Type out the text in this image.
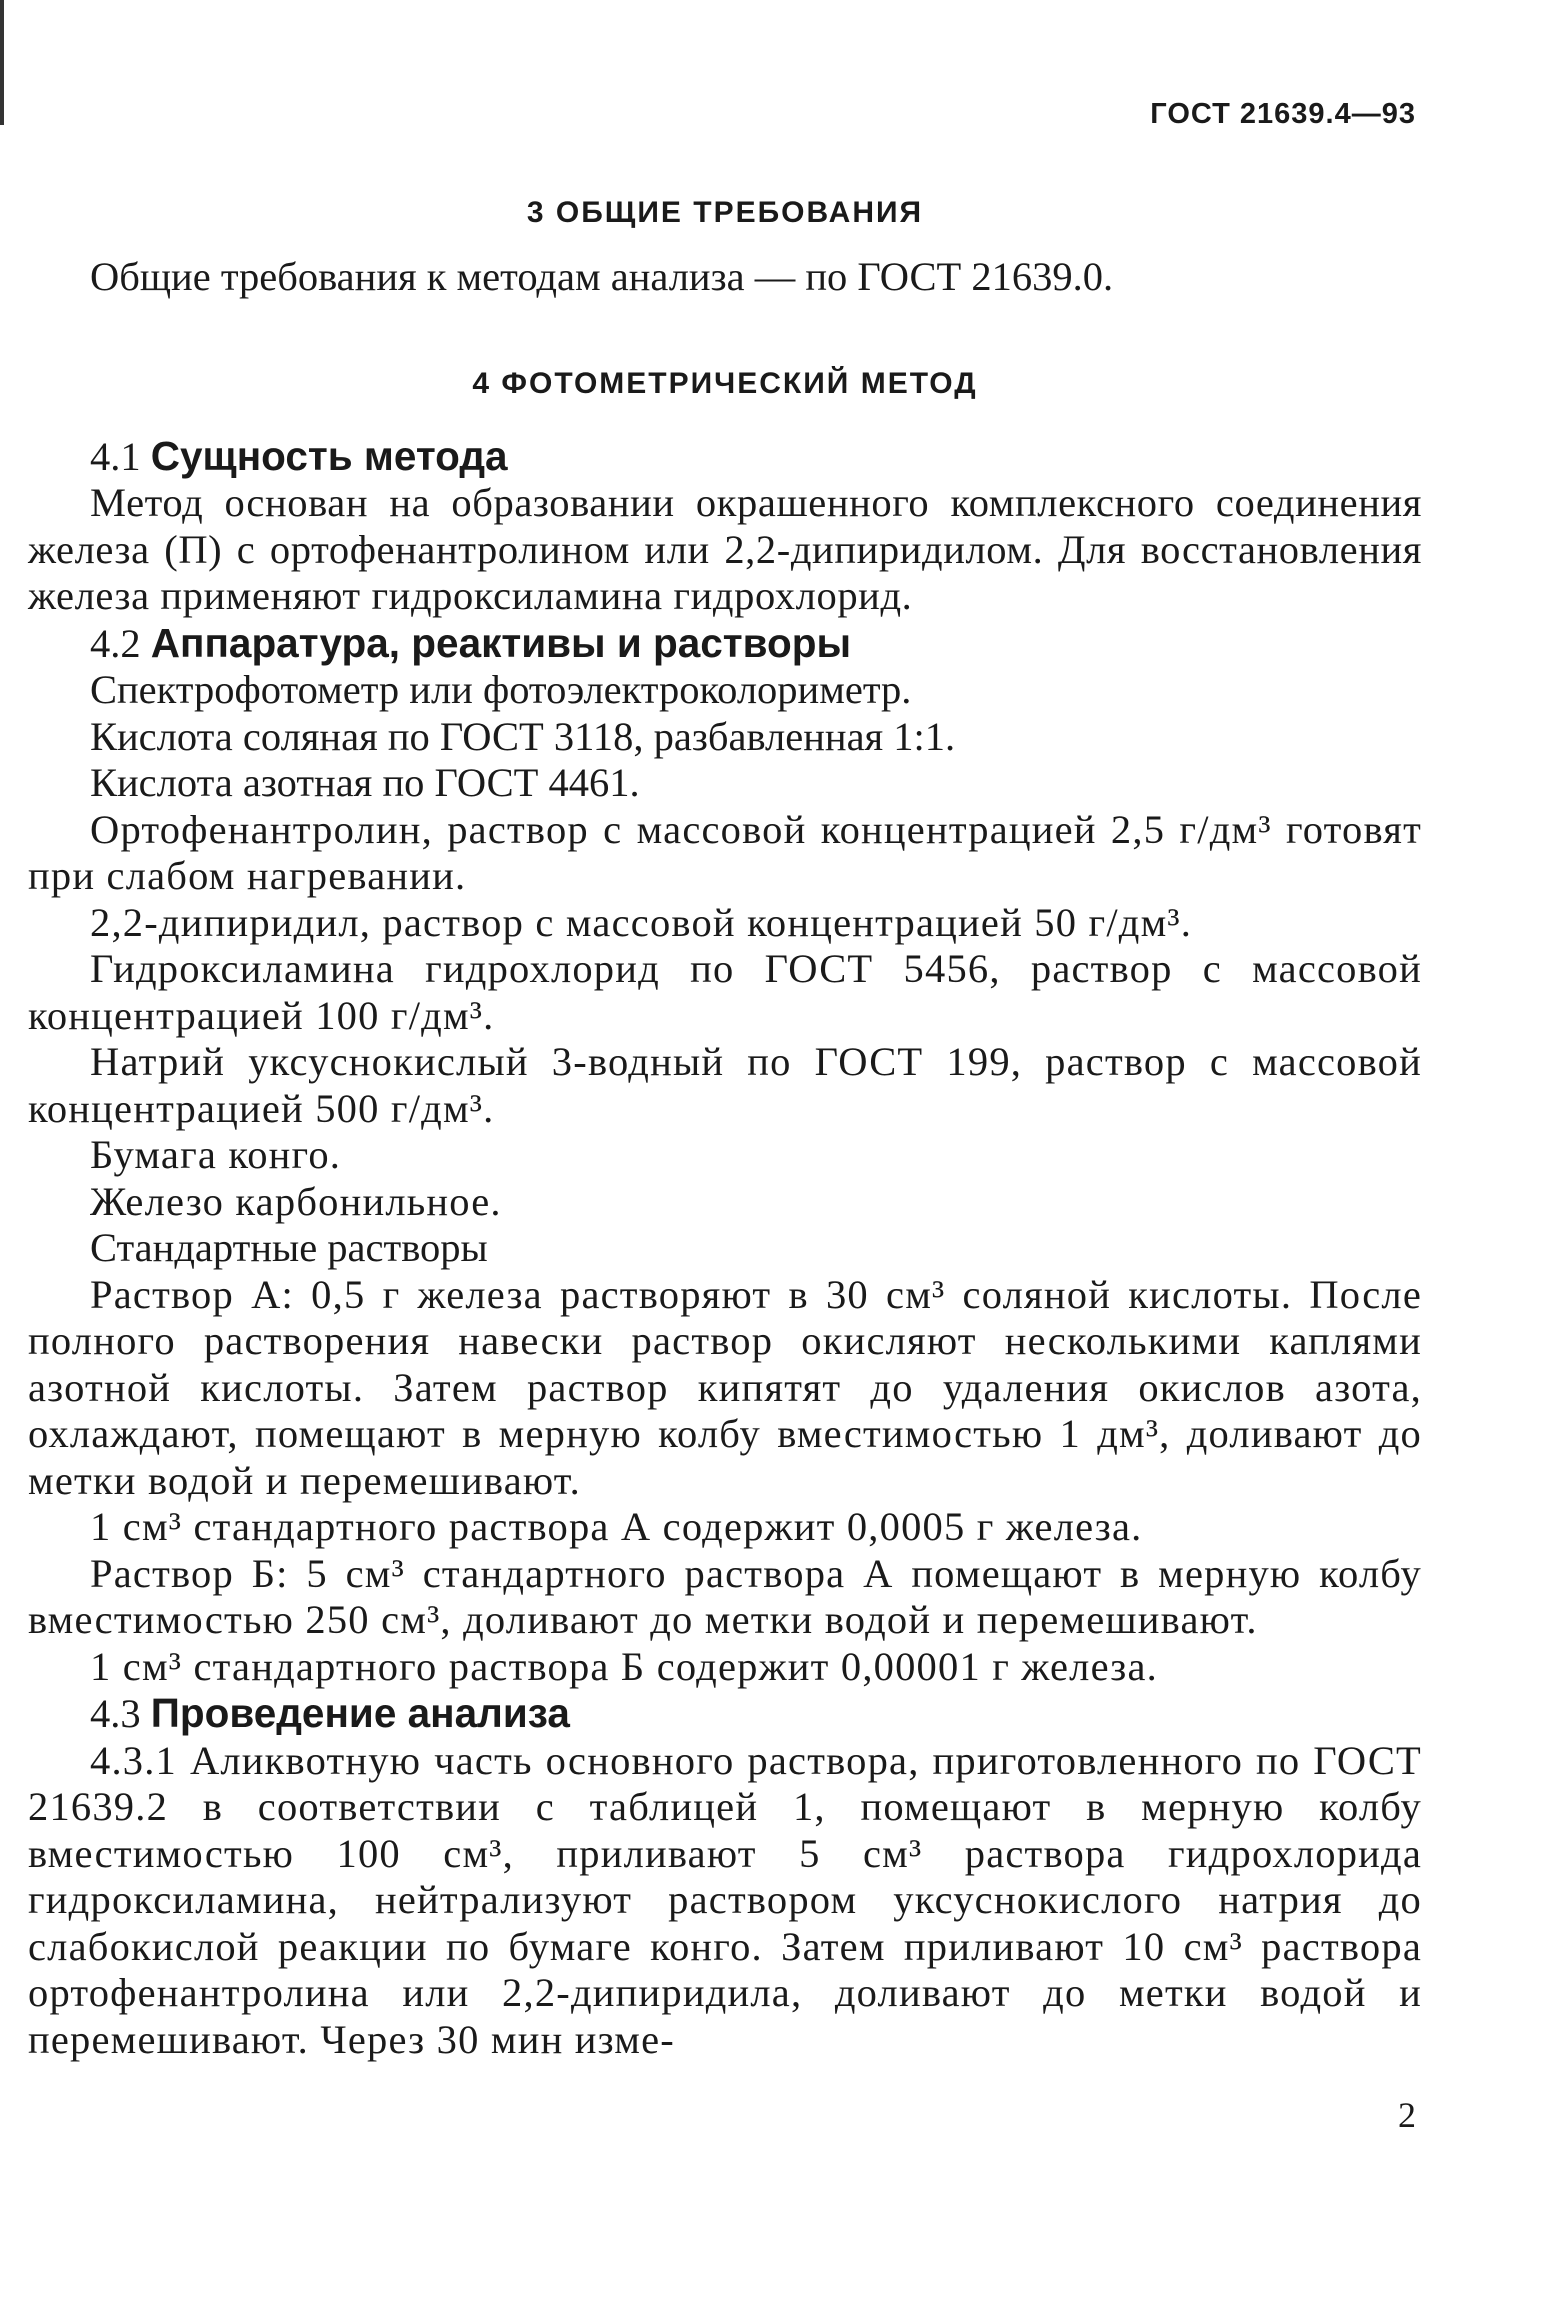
ГОСТ 21639.4—93
3 ОБЩИЕ ТРЕБОВАНИЯ

Общие требования к методам анализа — по ГОСТ 21639.0.

4 ФОТОМЕТРИЧЕСКИЙ МЕТОД
4.1 Сущность метода

Метод основан на образовании окрашенного комплексного соединения железа (П) с ортофенантролином или 2,2-дипиридилом. Для восстановления железа применяют гидроксиламина гидрохлорид.

4.2 Аппаратура, реактивы и растворы

Спектрофотометр или фотоэлектроколориметр.

Кислота соляная по ГОСТ 3118, разбавленная 1:1.

Кислота азотная по ГОСТ 4461.

Ортофенантролин, раствор с массовой концентрацией 2,5 г/дм³ готовят при слабом нагревании.

2,2-дипиридил, раствор с массовой концентрацией 50 г/дм³.

Гидроксиламина гидрохлорид по ГОСТ 5456, раствор с массовой концентрацией 100 г/дм³.

Натрий уксуснокислый 3-водный по ГОСТ 199, раствор с массовой концентрацией 500 г/дм³.

Бумага конго.

Железо карбонильное.

Стандартные растворы

Раствор А: 0,5 г железа растворяют в 30 см³ соляной кислоты. После полного растворения навески раствор окисляют несколькими каплями азотной кислоты. Затем раствор кипятят до удаления окислов азота, охлаждают, помещают в мерную колбу вместимостью 1 дм³, доливают до метки водой и перемешивают.

1 см³ стандартного раствора А содержит 0,0005 г железа.

Раствор Б: 5 см³ стандартного раствора А помещают в мерную колбу вместимостью 250 см³, доливают до метки водой и перемешивают.

1 см³ стандартного раствора Б содержит 0,00001 г железа.

4.3 Проведение анализа

4.3.1 Аликвотную часть основного раствора, приготовленного по ГОСТ 21639.2 в соответствии с таблицей 1, помещают в мерную колбу вместимостью 100 см³, приливают 5 см³ раствора гидрохлорида гидроксиламина, нейтрализуют раствором уксуснокислого натрия до слабокислой реакции по бумаге конго. Затем приливают 10 см³ раствора ортофенантролина или 2,2-дипиридила, доливают до метки водой и перемешивают. Через 30 мин изме-

2
